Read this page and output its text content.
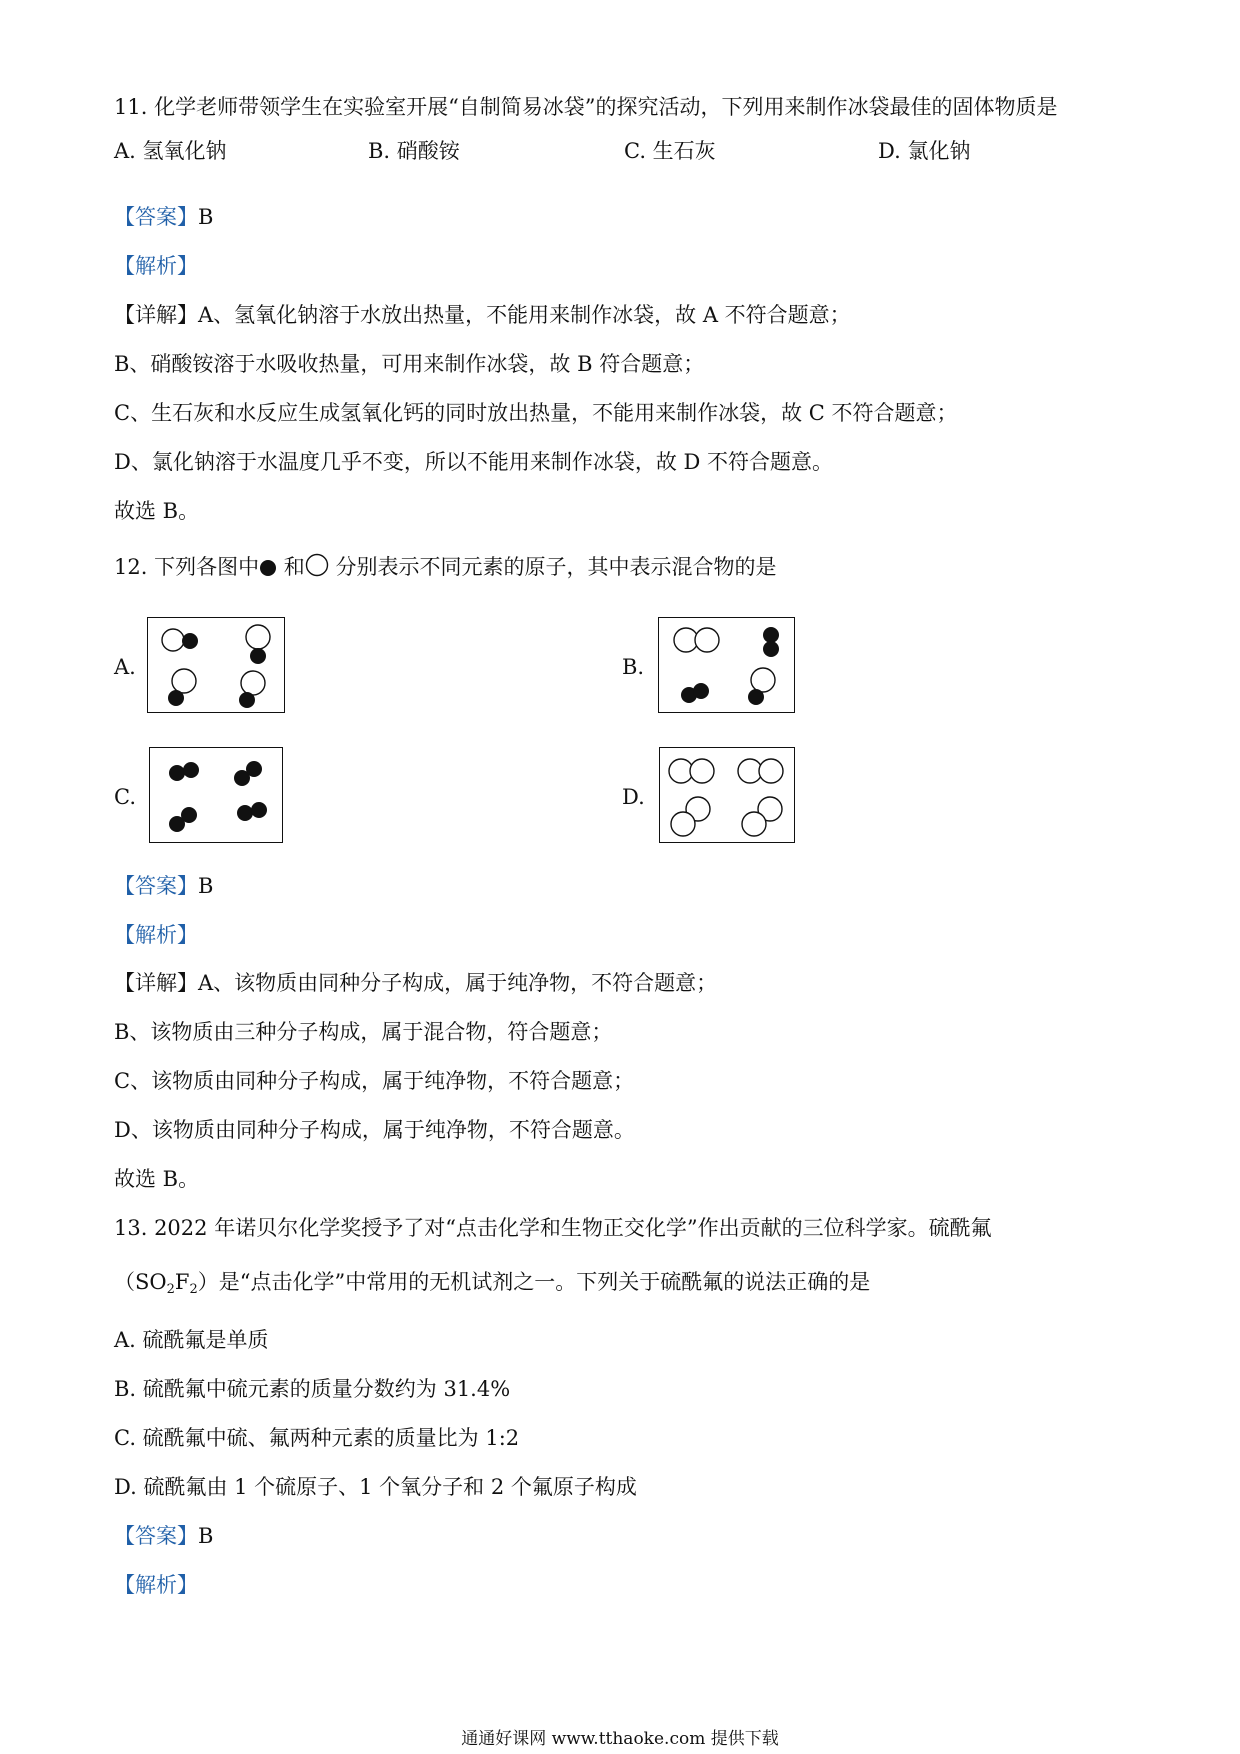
11. 化学老师带领学生在实验室开展“自制简易冰袋”的探究活动，下列用来制作冰袋最佳的固体物质是
A. 氢氧化钠	B. 硝酸铵	C. 生石灰	D. 氯化钠
【答案】B
【解析】
【详解】A、氢氧化钠溶于水放出热量，不能用来制作冰袋，故 A 不符合题意；
B、硝酸铵溶于水吸收热量，可用来制作冰袋，故 B 符合题意；
C、生石灰和水反应生成氢氧化钙的同时放出热量，不能用来制作冰袋，故 C 不符合题意；
D、氯化钠溶于水温度几乎不变，所以不能用来制作冰袋，故 D 不符合题意。
故选 B。
12. 下列各图中 和 分别表示不同元素的原子，其中表示混合物的是
A.	B.
C.	D.
【答案】B
【解析】
【详解】A、该物质由同种分子构成，属于纯净物，不符合题意；
B、该物质由三种分子构成，属于混合物，符合题意；
C、该物质由同种分子构成，属于纯净物，不符合题意；
D、该物质由同种分子构成，属于纯净物，不符合题意。
故选 B。
13. 2022 年诺贝尔化学奖授予了对“点击化学和生物正交化学”作出贡献的三位科学家。硫酰氟
$(SO_2F_2)$是“点击化学”中常用的无机试剂之一。下列关于硫酰氟的说法正确的是
A. 硫酰氟是单质
B. 硫酰氟中硫元素的质量分数约为 31.4%
C. 硫酰氟中硫、氟两种元素的质量比为 1:2
D. 硫酰氟由 1 个硫原子、1 个氧分子和 2 个氟原子构成
【答案】B
【解析】
通通好课网 www.tthaoke.com 提供下载
